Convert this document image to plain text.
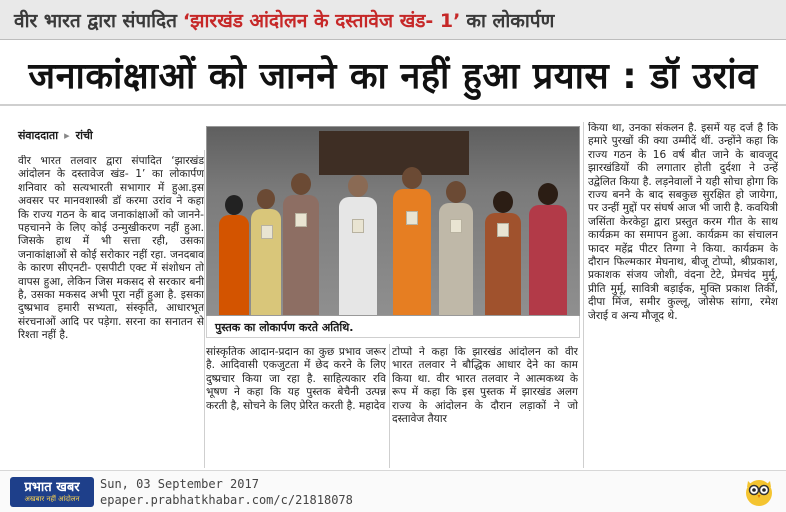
वीर भारत द्वारा संपादित ‘झारखंड आंदोलन के दस्तावेज खंड- 1’ का लोकार्पण
जनाकांक्षाओं को जानने का नहीं हुआ प्रयास : डॉ उरांव
संवाददाता ▸ रांची
वीर भारत तलवार द्वारा संपादित ‘झारखंड आंदोलन के दस्तावेज खंड- 1’ का लोकार्पण शनिवार को सत्यभारती सभागार में हुआ.इस अवसर पर मानवशास्त्री डॉ करमा उरांव ने कहा कि राज्य गठन के बाद जनाकांक्षाओं को जानने-पहचानने के लिए कोई उन्मुखीकरण नहीं हुआ. जिसके हाथ में भी सत्ता रही, उसका जनाकांक्षाओं से कोई सरोकार नहीं रहा. जनदबाव के कारण सीएनटी- एसपीटी एक्ट में संशोधन तो वापस हुआ, लेकिन जिस मकसद से सरकार बनी है, उसका मकसद अभी पूरा नहीं हुआ है. इसका दुष्प्रभाव हमारी सभ्यता, संस्कृति, आधारभूत संरचनाओं आदि पर पड़ेगा. सरना का सनातन से रिश्ता नहीं है.
पुस्तक का लोकार्पण करते अतिथि.
सांस्कृतिक आदान-प्रदान का कुछ प्रभाव जरूर है. आदिवासी एकजुटता में छेद करने के लिए दुष्प्रचार किया जा रहा है. साहित्यकार रवि भूषण ने कहा कि यह पुस्तक बेचैनी उत्पन्न करती है, सोचने के लिए प्रेरित करती है. महादेव
टोप्पो ने कहा कि झारखंड आंदोलन को वीर भारत तलवार ने बौद्धिक आधार देने का काम किया था. वीर भारत तलवार ने आत्मकथ्य के रूप में कहा कि इस पुस्तक में झारखंड अलग राज्य के आंदोलन के दौरान लड़ाकों ने जो दस्तावेज तैयार
किया था, उनका संकलन है. इसमें यह दर्ज है कि हमारे पुरखों की क्या उम्मीदें थीं. उन्होंने कहा कि राज्य गठन के 16 वर्ष बीत जाने के बावजूद झारखंडियों की लगातार होती दुर्दशा ने उन्हें उद्वेलित किया है. लड़नेवालों ने यही सोचा होगा कि राज्य बनने के बाद सबकुछ सुरक्षित हो जायेगा, पर उन्हीं मुद्दों पर संघर्ष आज भी जारी है. कवयित्री जसिंता केरकेट्टा द्वारा प्रस्तुत करम गीत के साथ कार्यक्रम का समापन हुआ. कार्यक्रम का संचालन फादर महेंद्र पीटर तिग्गा ने किया. कार्यक्रम के दौरान फिल्मकार मेघनाथ, बीजू टोप्पो, श्रीप्रकाश, प्रकाशक संजय जोशी, वंदना टेटे, प्रेमचंद मुर्मू, प्रीति मुर्मू, सावित्री बड़ाईक, मुक्ति प्रकाश तिर्की, दीपा मिंज, समीर कुल्लू, जोसेफ सांगा, रमेश जेराई व अन्य मौजूद थे.
प्रभात खबर
अखबार नहीं आंदोलन
Sun, 03 September 2017
epaper.prabhatkhabar.com/c/21818078
